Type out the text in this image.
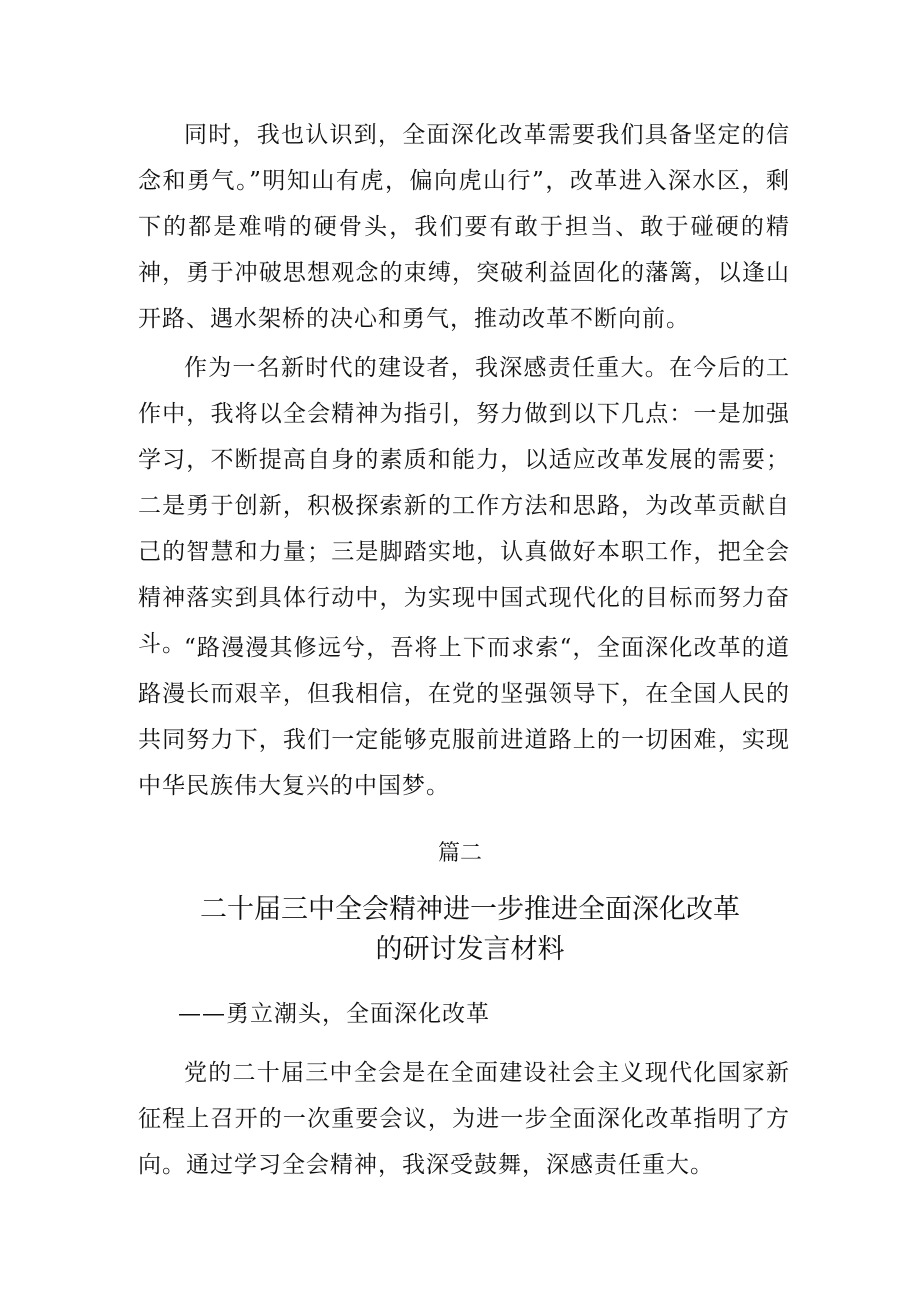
同时，我也认识到，全面深化改革需要我们具备坚定的信念和勇气。”明知山有虎，偏向虎山行”，改革进入深水区，剩下的都是难啃的硬骨头，我们要有敢于担当、敢于碰硬的精神，勇于冲破思想观念的束缚，突破利益固化的藩篱，以逢山开路、遇水架桥的决心和勇气，推动改革不断向前。

作为一名新时代的建设者，我深感责任重大。在今后的工作中，我将以全会精神为指引，努力做到以下几点：一是加强学习，不断提高自身的素质和能力，以适应改革发展的需要；二是勇于创新，积极探索新的工作方法和思路，为改革贡献自己的智慧和力量；三是脚踏实地，认真做好本职工作，把全会精神落实到具体行动中，为实现中国式现代化的目标而努力奋斗。

“路漫漫其修远兮，吾将上下而求索“，全面深化改革的道路漫长而艰辛，但我相信，在党的坚强领导下，在全国人民的共同努力下，我们一定能够克服前进道路上的一切困难，实现中华民族伟大复兴的中国梦。

篇二

二十届三中全会精神进一步推进全面深化改革
的研讨发言材料

——勇立潮头，全面深化改革

党的二十届三中全会是在全面建设社会主义现代化国家新征程上召开的一次重要会议，为进一步全面深化改革指明了方向。通过学习全会精神，我深受鼓舞，深感责任重大。
